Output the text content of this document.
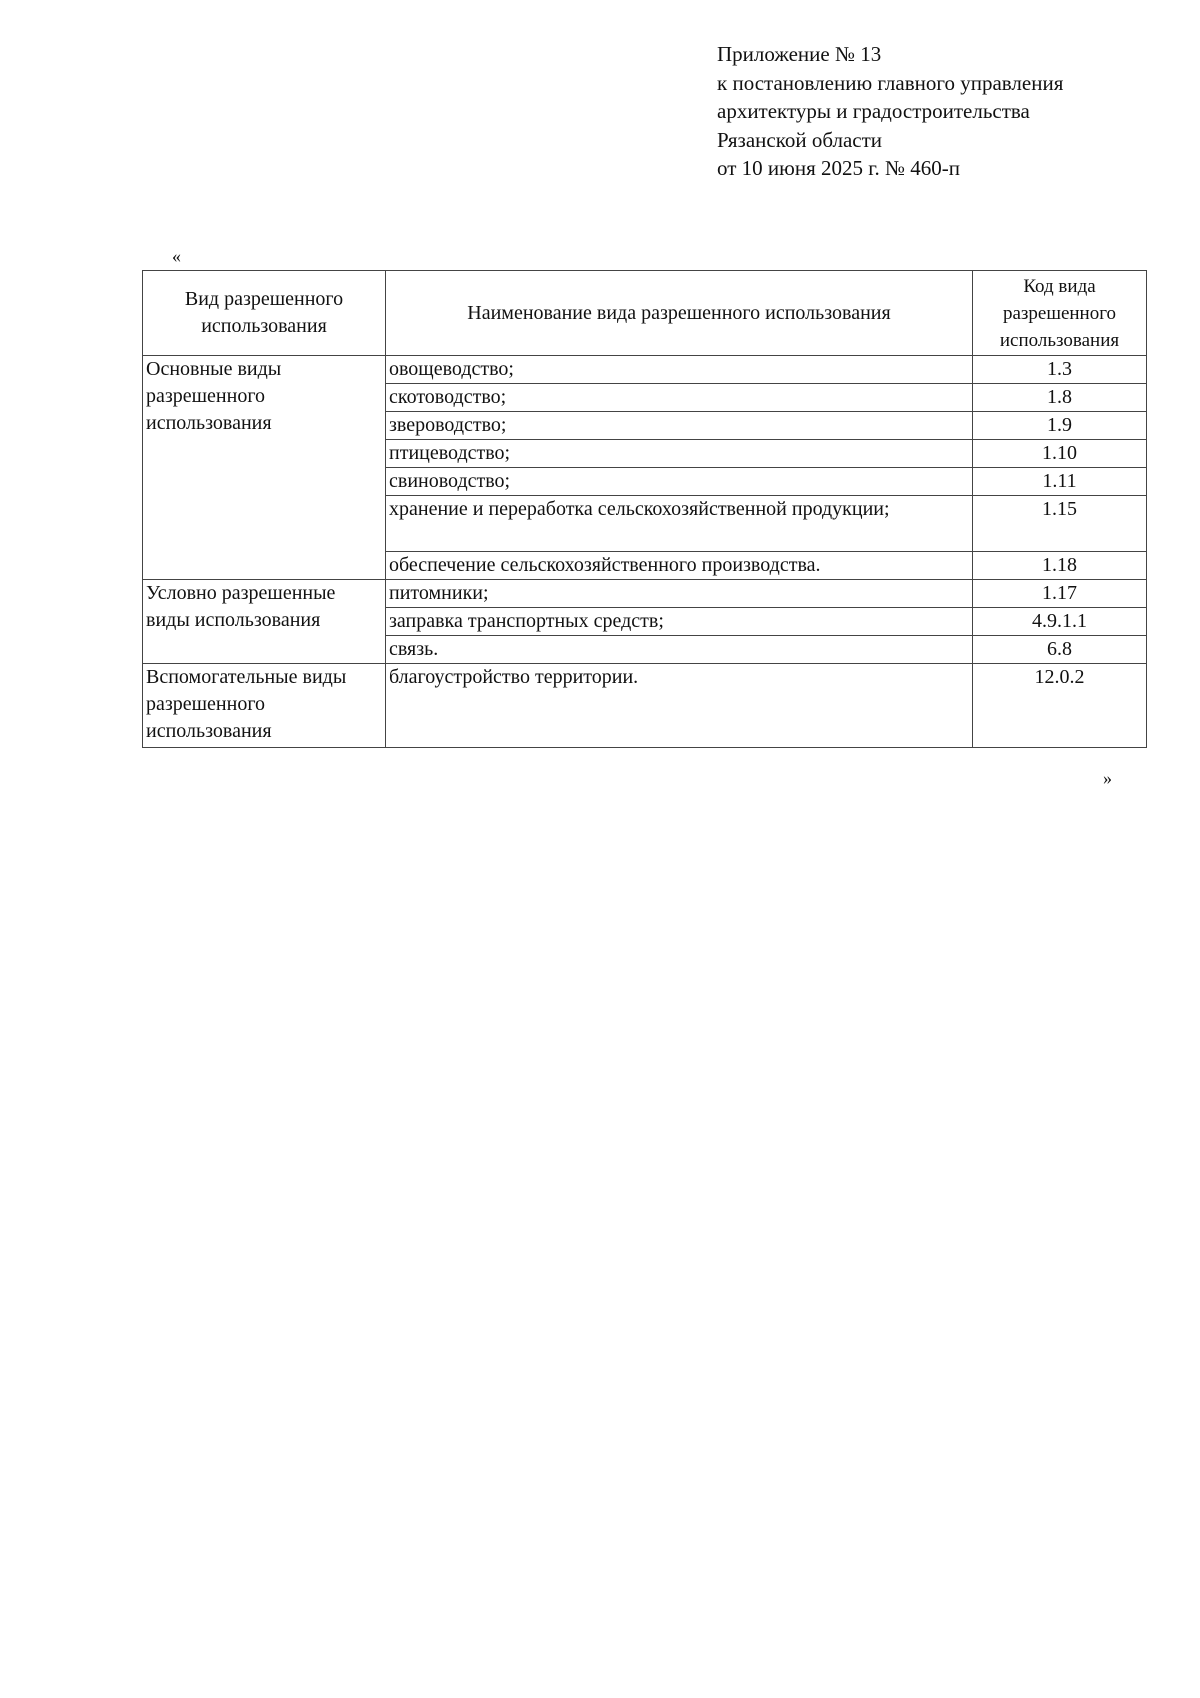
Приложение № 13
к постановлению главного управления
архитектуры и градостроительства
Рязанской области
от 10 июня 2025 г. № 460-п
«
Вид разрешенного использования	Наименование вида разрешенного использования	Код вида разрешенного использования
Основные виды разрешенного использования	овощеводство;	1.3
	скотоводство;	1.8
	звероводство;	1.9
	птицеводство;	1.10
	свиноводство;	1.11
	хранение и переработка сельскохозяйственной продукции;	1.15
	обеспечение сельскохозяйственного производства.	1.18
Условно разрешенные виды использования	питомники;	1.17
	заправка транспортных средств;	4.9.1.1
	связь.	6.8
Вспомогательные виды разрешенного использования	благоустройство территории.	12.0.2
»
